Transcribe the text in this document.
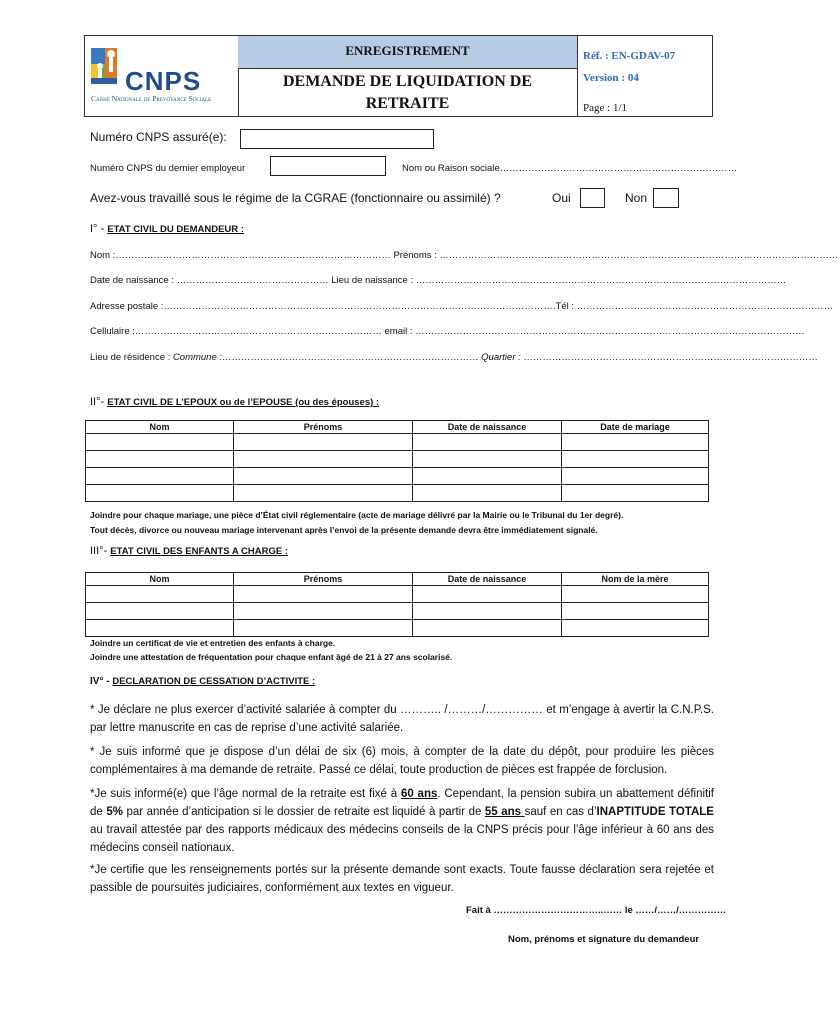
CNPS
Caisse Nationale de Prevoyance Sociale
ENREGISTREMENT
DEMANDE DE LIQUIDATION DE
RETRAITE
Réf. : EN-GDAV-07
Version : 04
Page : 1/1
Numéro CNPS assuré(e):
Numéro CNPS du dernier employeur	Nom ou Raison sociale…………………………………………………………………
Avez-vous travaillé sous le régime de la CGRAE (fonctionnaire ou assimilé) ?	Oui	Non
I° - ETAT CIVIL DU DEMANDEUR :
Nom :…………………………………………………………………………… Prénoms : ………………………………………………………………………………………………………………
Date de naissance : ………………………………………… Lieu de naissance : ………………………………………………………………………………………………………
Adresse postale :…………………………………………………………………………………………………………….Tél : ………………………………………………………………………
Cellulaire :…………………………………………………………………… email : ……………………………………………………………………………………………………………
Lieu de résidence : Commune :……………………………………………………………………… Quartier : …………………………………………………………………………………
II°- ETAT CIVIL DE L’EPOUX ou de l’EPOUSE (ou des épouses) :
Nom	Prénoms	Date de naissance	Date de mariage

Joindre pour chaque mariage, une pièce d’État civil réglementaire (acte de mariage délivré par la Mairie ou le Tribunal du 1er degré).
Tout décès, divorce ou nouveau mariage intervenant après l’envoi de la présente demande devra être immédiatement signalé.
III°- ETAT CIVIL DES ENFANTS A CHARGE :
Nom	Prénoms	Date de naissance	Nom de la mère

Joindre un certificat de vie et entretien des enfants à charge.
Joindre une attestation de fréquentation pour chaque enfant âgé de 21 à 27 ans scolarisé.
IV° - DECLARATION DE CESSATION D’ACTIVITE :
* Je déclare ne plus exercer d’activité salariée à compter du ……….. /………/…………… et m’engage à avertir la C.N.P.S. par lettre manuscrite en cas de reprise d’une activité salariée.
* Je suis informé que je dispose d’un délai de six (6) mois, à compter de la date du dépôt, pour produire les pièces complémentaires à ma demande de retraite. Passé ce délai, toute production de pièces est frappée de forclusion.
*Je suis informé(e) que l’âge normal de la retraite est fixé à 60 ans. Cependant, la pension subira un abattement définitif de 5% par année d’anticipation si le dossier de retraite est liquidé à partir de 55 ans sauf en cas d’INAPTITUDE TOTALE au travail attestée par des rapports médicaux des médecins conseils de la CNPS précis pour l’âge inférieur à 60 ans des médecins conseil nationaux.
*Je certifie que les renseignements portés sur la présente demande sont exacts. Toute fausse déclaration sera rejetée et passible de poursuites judiciaires, conformément aux textes en vigueur.
Fait à ……………………………..…… le ……/……/……………
Nom, prénoms et signature du demandeur
